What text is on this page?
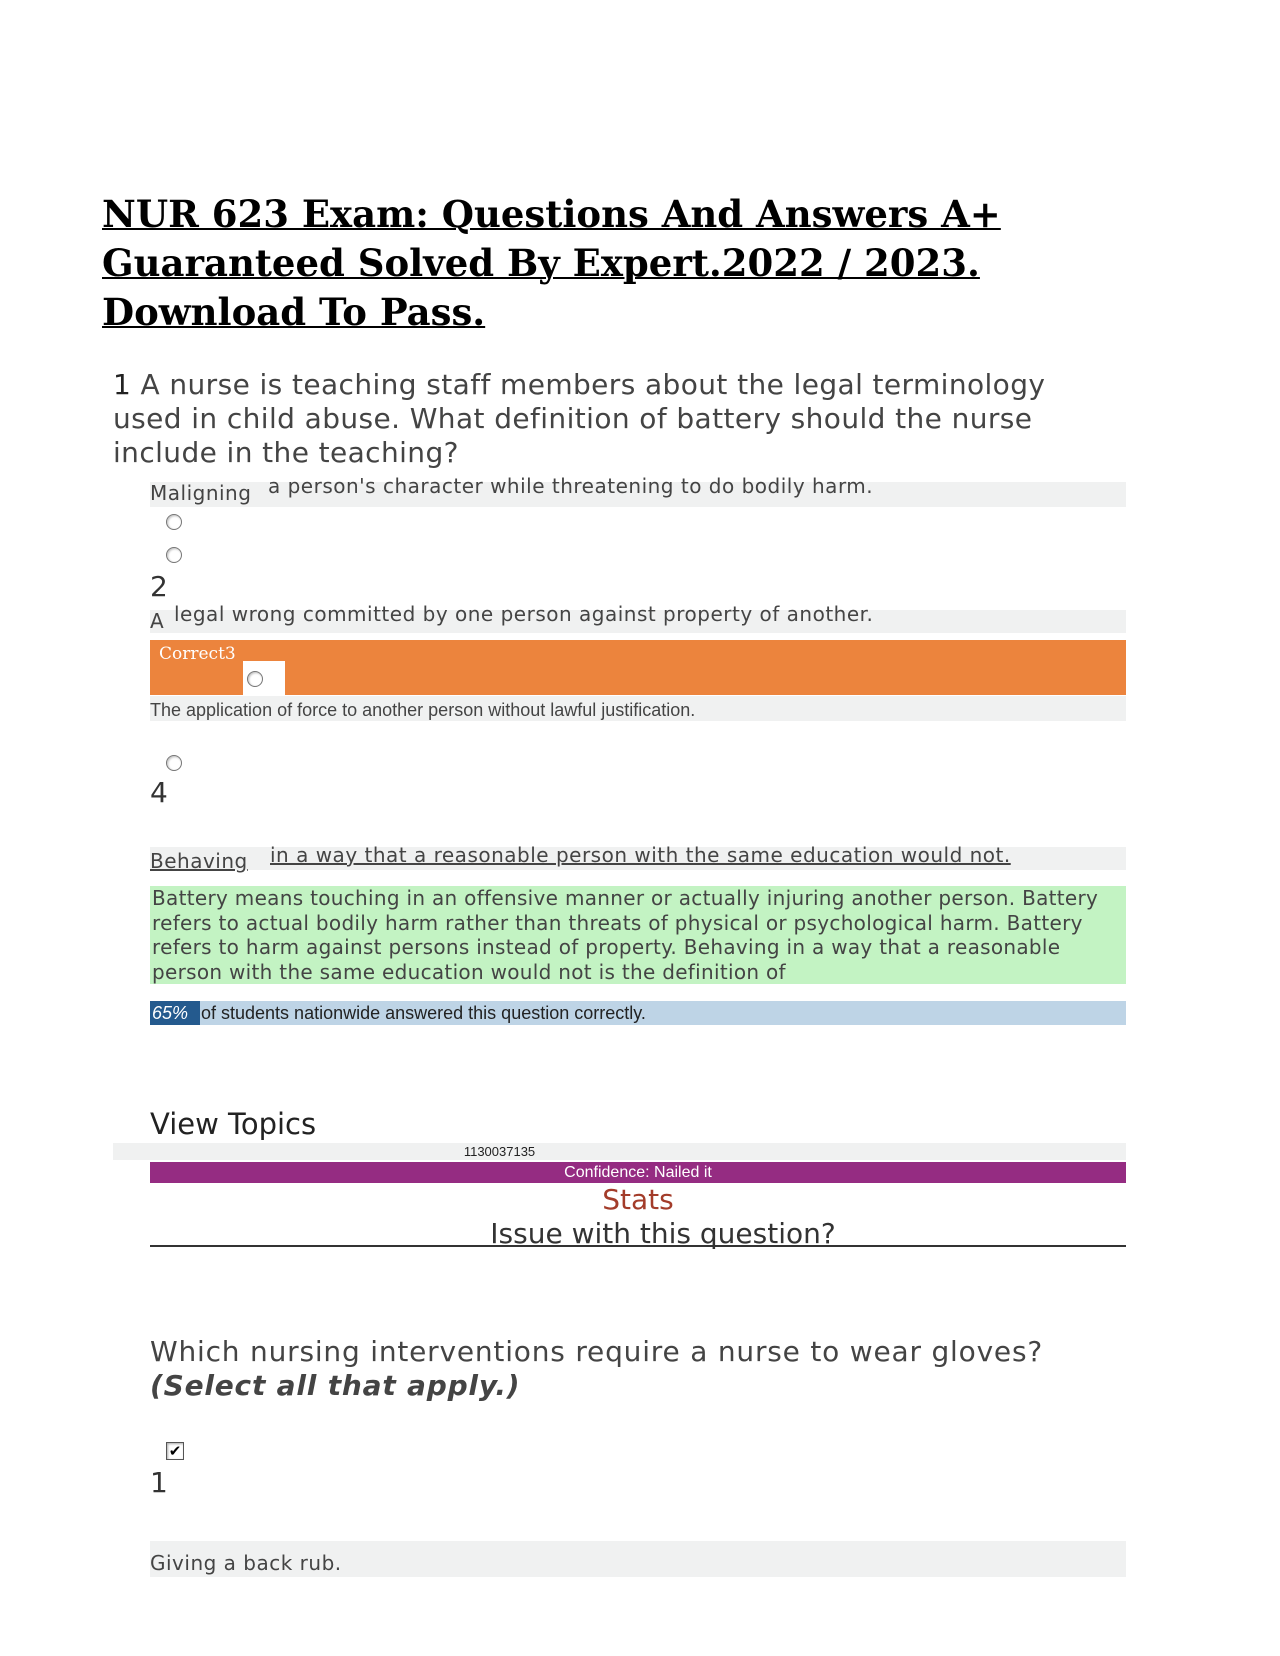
NUR 623 Exam: Questions And Answers A+ Guaranteed Solved By Expert.2022 / 2023. Download To Pass.
1 A nurse is teaching staff members about the legal terminology used in child abuse. What definition of battery should the nurse include in the teaching?
Maligning a person's character while threatening to do bodily harm.
2
A legal wrong committed by one person against property of another.
Correct3
The application of force to another person without lawful justification.
4
Behaving in a way that a reasonable person with the same education would not.

Battery means touching in an offensive manner or actually injuring another person. Battery refers to actual bodily harm rather than threats of physical or psychological harm. Battery refers to harm against persons instead of property. Behaving in a way that a reasonable person with the same education would not is the definition of

65% of students nationwide answered this question correctly.
View Topics
1130037135
Confidence: Nailed it
Stats
Issue with this question?
Which nursing interventions require a nurse to wear gloves? (Select all that apply.)
✔
1
Giving a back rub.
